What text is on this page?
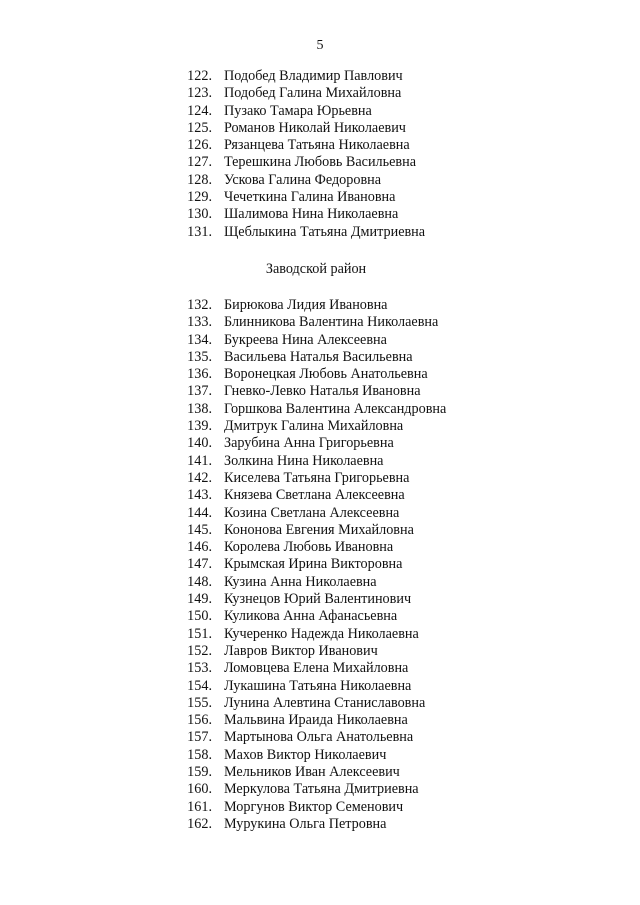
5
122. Подобед Владимир Павлович
123. Подобед Галина Михайловна
124. Пузако Тамара Юрьевна
125. Романов Николай Николаевич
126. Рязанцева Татьяна Николаевна
127. Терешкина Любовь Васильевна
128. Ускова Галина Федоровна
129. Чечеткина Галина Ивановна
130. Шалимова Нина Николаевна
131. Щеблыкина Татьяна Дмитриевна
Заводской район
132. Бирюкова Лидия Ивановна
133. Блинникова Валентина Николаевна
134. Букреева Нина Алексеевна
135. Васильева Наталья Васильевна
136. Воронецкая Любовь Анатольевна
137. Гневко-Левко Наталья Ивановна
138. Горшкова Валентина Александровна
139. Дмитрук Галина Михайловна
140. Зарубина Анна Григорьевна
141. Золкина Нина Николаевна
142. Киселева Татьяна Григорьевна
143. Князева Светлана Алексеевна
144. Козина Светлана Алексеевна
145. Кононова Евгения Михайловна
146. Королева Любовь Ивановна
147. Крымская Ирина Викторовна
148. Кузина Анна Николаевна
149. Кузнецов Юрий Валентинович
150. Куликова Анна Афанасьевна
151. Кучеренко Надежда Николаевна
152. Лавров Виктор Иванович
153. Ломовцева Елена Михайловна
154. Лукашина Татьяна Николаевна
155. Лунина Алевтина Станиславовна
156. Мальвина Ираида Николаевна
157. Мартынова Ольга Анатольевна
158. Махов Виктор Николаевич
159. Мельников Иван Алексеевич
160. Меркулова Татьяна Дмитриевна
161. Моргунов Виктор Семенович
162. Мурукина Ольга Петровна
